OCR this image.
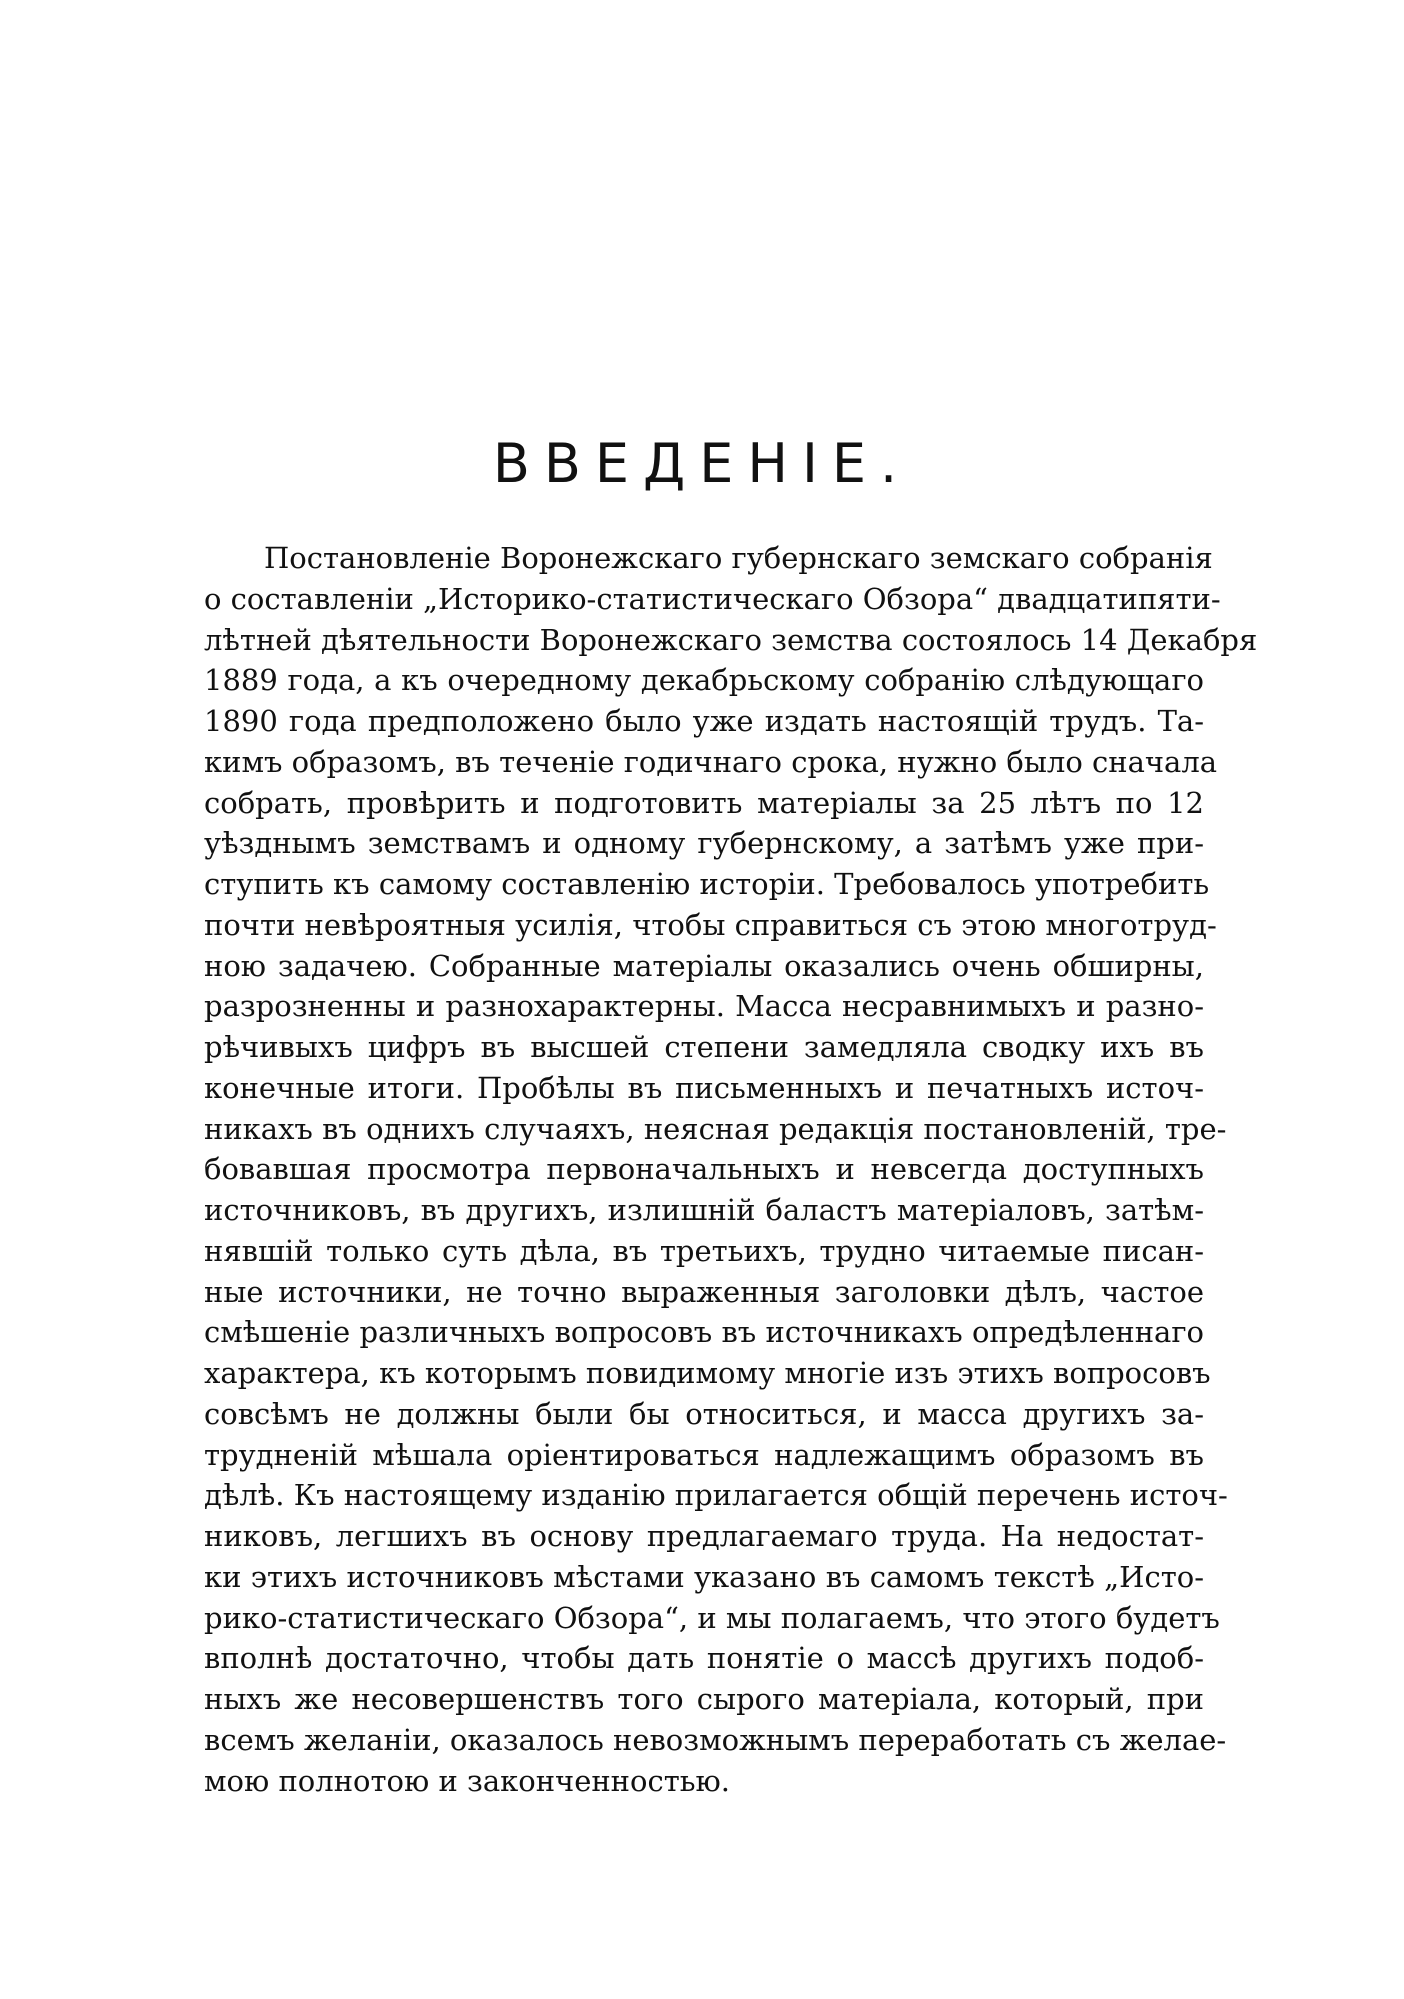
ВВЕДЕНIЕ.
Постановленіе Воронежскаго губернскаго земскаго собранія
о составленіи „Историко-статистическаго Обзора“ двадцатипяти-
лѣтней дѣятельности Воронежскаго земства состоялось 14 Декабря
1889 года, а къ очередному декабрьскому собранію слѣдующаго
1890 года предположено было уже издать настоящій трудъ. Та-
кимъ образомъ, въ теченіе годичнаго срока, нужно было сначала
собрать, провѣрить и подготовить матеріалы за 25 лѣтъ по 12
уѣзднымъ земствамъ и одному губернскому, а затѣмъ уже при-
ступить къ самому составленію исторіи. Требовалось употребить
почти невѣроятныя усилія, чтобы справиться съ этою многотруд-
ною задачею. Собранные матеріалы оказались очень обширны,
разрозненны и разнохарактерны. Масса несравнимыхъ и разно-
рѣчивыхъ цифръ въ высшей степени замедляла сводку ихъ въ
конечные итоги. Пробѣлы въ письменныхъ и печатныхъ источ-
никахъ въ однихъ случаяхъ, неясная редакція постановленій, тре-
бовавшая просмотра первоначальныхъ и невсегда доступныхъ
источниковъ, въ другихъ, излишній баластъ матеріаловъ, затѣм-
нявшій только суть дѣла, въ третьихъ, трудно читаемые писан-
ные источники, не точно выраженныя заголовки дѣлъ, частое
смѣшеніе различныхъ вопросовъ въ источникахъ опредѣленнаго
характера, къ которымъ повидимому многіе изъ этихъ вопросовъ
совсѣмъ не должны были бы относиться, и масса другихъ за-
трудненій мѣшала оріентироваться надлежащимъ образомъ въ
дѣлѣ. Къ настоящему изданію прилагается общій перечень источ-
никовъ, легшихъ въ основу предлагаемаго труда. На недостат-
ки этихъ источниковъ мѣстами указано въ самомъ текстѣ „Исто-
рико-статистическаго Обзора“, и мы полагаемъ, что этого будетъ
вполнѣ достаточно, чтобы дать понятіе о массѣ другихъ подоб-
ныхъ же несовершенствъ того сырого матеріала, который, при
всемъ желаніи, оказалось невозможнымъ переработать съ желае-
мою полнотою и законченностью.
